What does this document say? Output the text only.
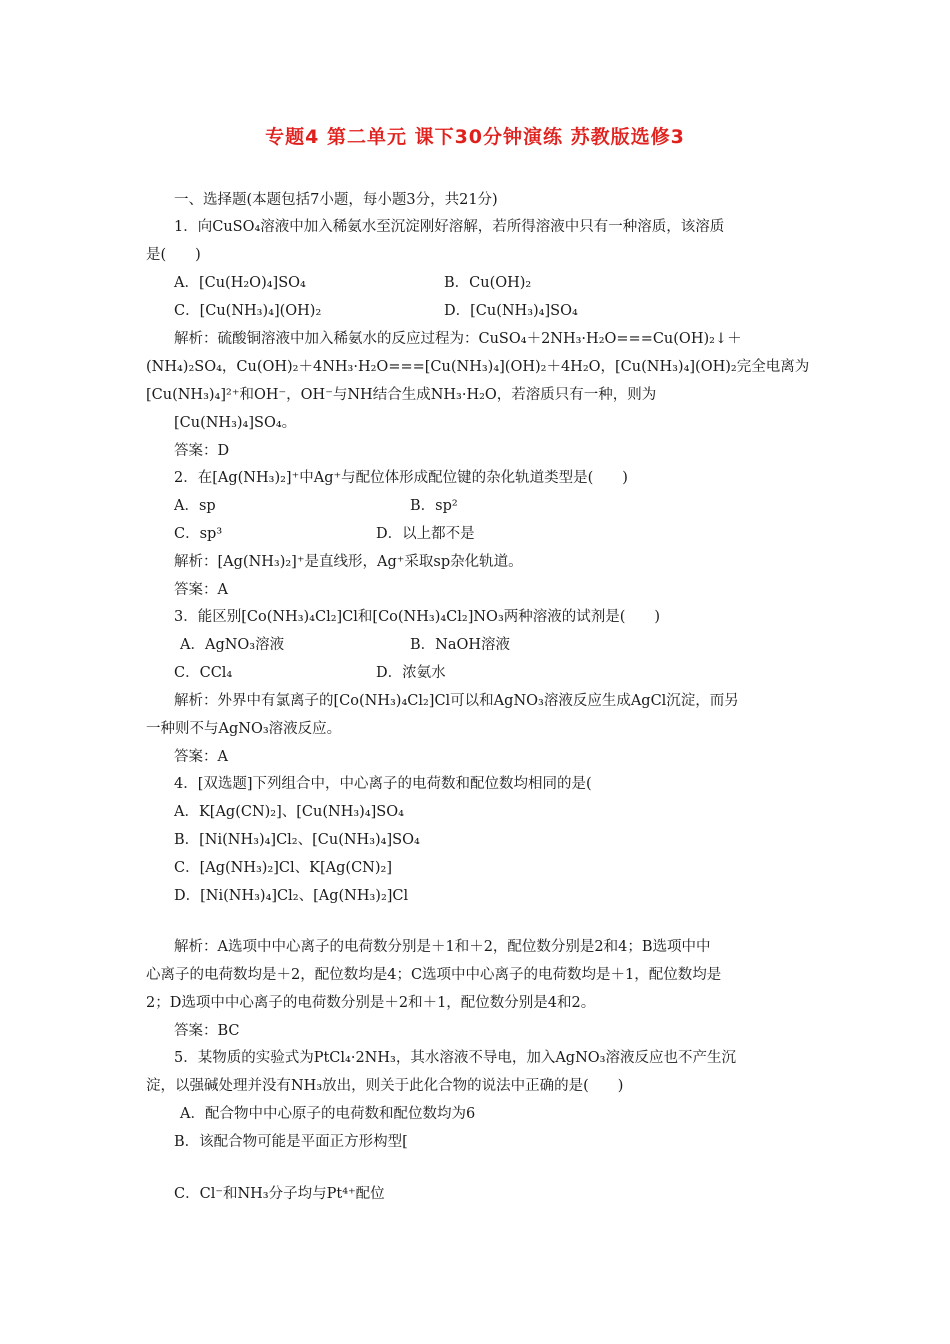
专题4 第二单元 课下30分钟演练 苏教版选修3
一、选择题(本题包括7小题，每小题3分，共21分)
1．向CuSO₄溶液中加入稀氨水至沉淀刚好溶解，若所得溶液中只有一种溶质，该溶质
是(　　)
A．[Cu(H₂O)₄]SO₄	B．Cu(OH)₂
C．[Cu(NH₃)₄](OH)₂	D．[Cu(NH₃)₄]SO₄
解析：硫酸铜溶液中加入稀氨水的反应过程为：CuSO₄＋2NH₃·H₂O===Cu(OH)₂↓＋
(NH₄)₂SO₄，Cu(OH)₂＋4NH₃·H₂O===[Cu(NH₃)₄](OH)₂＋4H₂O，[Cu(NH₃)₄](OH)₂完全电离为
[Cu(NH₃)₄]²⁺和OH⁻，OH⁻与NH结合生成NH₃·H₂O，若溶质只有一种，则为
[Cu(NH₃)₄]SO₄。
答案：D
2．在[Ag(NH₃)₂]⁺中Ag⁺与配位体形成配位键的杂化轨道类型是(　　)
A．sp	B．sp²
C．sp³	D．以上都不是
解析：[Ag(NH₃)₂]⁺是直线形，Ag⁺采取sp杂化轨道。
答案：A
3．能区别[Co(NH₃)₄Cl₂]Cl和[Co(NH₃)₄Cl₂]NO₃两种溶液的试剂是(　　)
A．AgNO₃溶液	B．NaOH溶液
C．CCl₄	D．浓氨水
解析：外界中有氯离子的[Co(NH₃)₄Cl₂]Cl可以和AgNO₃溶液反应生成AgCl沉淀，而另
一种则不与AgNO₃溶液反应。
答案：A
4．[双选题]下列组合中，中心离子的电荷数和配位数均相同的是(
A．K[Ag(CN)₂]、[Cu(NH₃)₄]SO₄
B．[Ni(NH₃)₄]Cl₂、[Cu(NH₃)₄]SO₄
C．[Ag(NH₃)₂]Cl、K[Ag(CN)₂]
D．[Ni(NH₃)₄]Cl₂、[Ag(NH₃)₂]Cl
解析：A选项中中心离子的电荷数分别是＋1和＋2，配位数分别是2和4；B选项中中
心离子的电荷数均是＋2，配位数均是4；C选项中中心离子的电荷数均是＋1，配位数均是
2；D选项中中心离子的电荷数分别是＋2和＋1，配位数分别是4和2。
答案：BC
5．某物质的实验式为PtCl₄·2NH₃，其水溶液不导电，加入AgNO₃溶液反应也不产生沉
淀，以强碱处理并没有NH₃放出，则关于此化合物的说法中正确的是(　　)
A．配合物中中心原子的电荷数和配位数均为6
B．该配合物可能是平面正方形构型[
C．Cl⁻和NH₃分子均与Pt⁴⁺配位
